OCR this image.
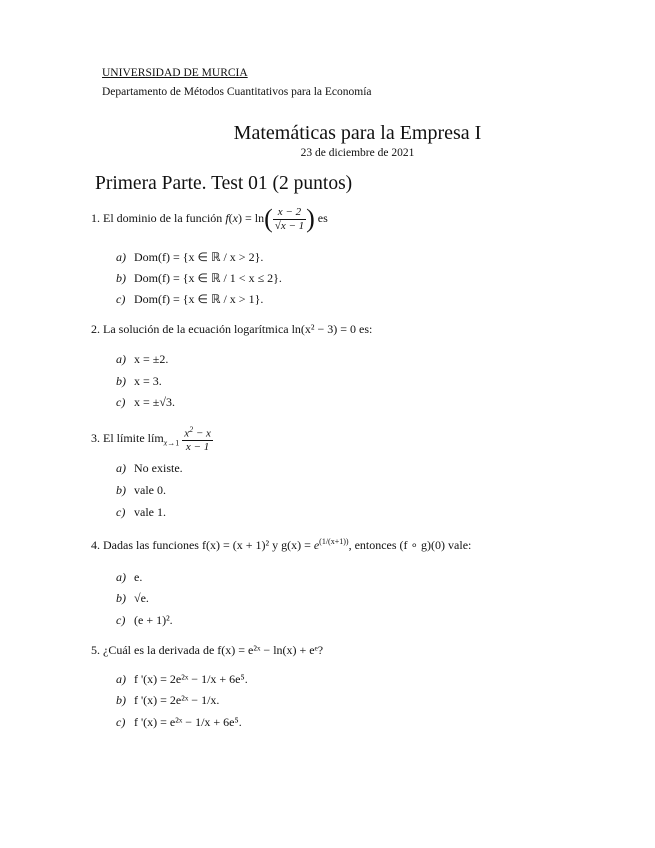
UNIVERSIDAD DE MURCIA
Departamento de Métodos Cuantitativos para la Economía
Matemáticas para la Empresa I
23 de diciembre de 2021
Primera Parte. Test 01 (2 puntos)
1. El dominio de la función $f(x) = \ln( \frac{x - 2}{√x - 1}$ ) es
a) Dom(f) = {x ∈ ℝ / x > 2}.
b) Dom(f) = {x ∈ ℝ / 1 < x ≤ 2}.
c) Dom(f) = {x ∈ ℝ / x > 1}.
2. La solución de la ecuación logarítmica ln(x² − 3) = 0 es:
a) x = ±2.
b) x = 3.
c) x = ±√3.
3. El límite lím$_{x\to 1}$ $\frac{x^2 - x}{x - 1}$
a) No existe.
b) vale 0.
c) vale 1.
4. Dadas las funciones f(x) = (x + 1)² y g(x) = e (1/(x+1)) , entonces (f ∘ g)(0) vale:
a) e.
b) √e.
c) (e + 1)².
5. ¿Cuál es la derivada de f(x) = e²ˣ − ln(x) + eᵉ?
a) f '(x) = 2e²ˣ − 1/x + 6e⁵.
b) f '(x) = 2e²ˣ − 1/x.
c) f '(x) = e²ˣ − 1/x + 6e⁵.
